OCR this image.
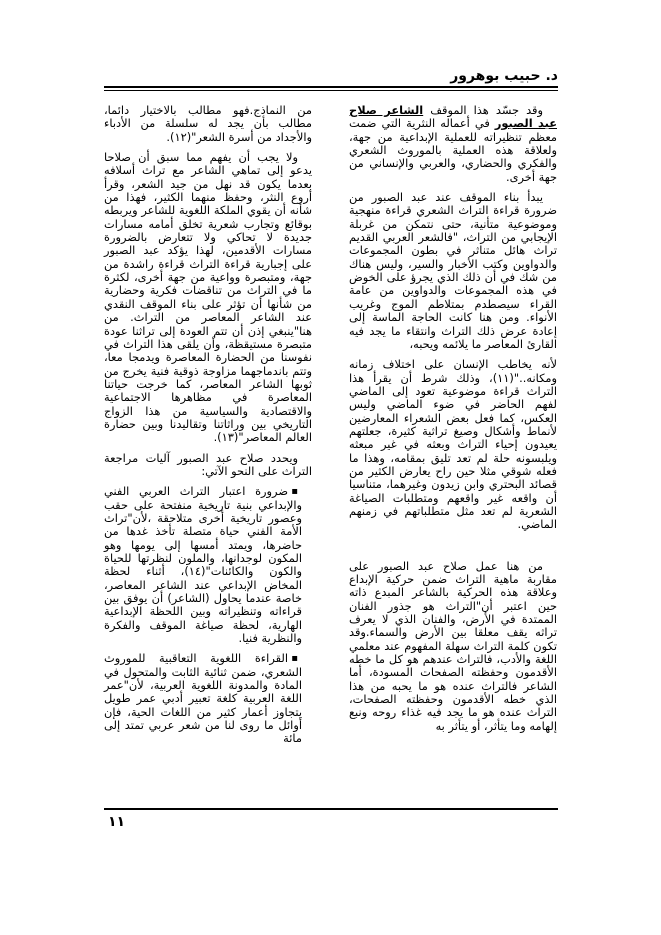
د. حبيب بوهرور

وقد جسّد هذا الموقف الشاعر صلاح عبد الصبور في أعماله النثرية التي ضمت معظم تنظيراته للعملية الإبداعية من جهة، ولعلاقة هذه العملية بالموروث الشعري والفكري والحضاري، والعربي والإنساني من جهة أخرى.

يبدأ بناء الموقف عند عبد الصبور من ضرورة قراءة التراث الشعري قراءة منهجية وموضوعية متأنية، حتى نتمكن من غربلة الإيجابي من التراث، "فالشعر العربي القديم تراث هائل متناثر في بطون المجموعات والدواوين وكتب الأخبار والسير، وليس هناك من شك في أن ذلك الذي يجرؤ على الخوض في هذه المجموعات والدواوين من عامة القراء سيصطدم بمتلاطم الموج وغريب الأنواء. ومن هنا كانت الحاجة الماسة إلى إعادة عرض ذلك التراث وانتقاء ما يجد فيه القارئ المعاصر ما يلائمه ويحبه،

لأنه يخاطب الإنسان على اختلاف زمانه ومكانه.."(١١)، وذلك شرط أن يقرأ هذا التراث قراءة موضوعية تعود إلى الماضي لفهم الحاضر في ضوء الماضي وليس العكس، كما فعل بعض الشعراء المعارضين لأنماط وأشكال وصيغ تراثية كثيرة، جعلتهم يعيدون إحياء التراث وبعثه في غير مبعثه ويلبسونه حلة لم تعد تليق بمقامه، وهذا ما فعله شوقي مثلا حين راح يعارض الكثير من قصائد البحتري وابن زيدون وغيرهما، متناسيا أن واقعه غير واقعهم ومتطلبات الصياغة الشعرية لم تعد مثل متطلباتهم في زمنهم الماضي.

من هنا عمل صلاح عبد الصبور على مقاربة ماهية التراث ضمن حركية الإبداع وعلاقة هذه الحركية بالشاعر المبدع ذاته حين اعتبر أن"التراث هو جذور الفنان الممتدة في الأرض، والفنان الذي لا يعرف تراثه يقف معلقا بين الأرض والسماء.وقد تكون كلمة التراث سهلة المفهوم عند معلمي اللغة والأدب، فالتراث عندهم هو كل ما خطه الأقدمون وحفظته الصفحات المسودة، أما الشاعر فالتراث عنده هو ما يحبه من هذا الذي خطه الأقدمون وحفظته الصفحات، التراث عنده هو ما يجد فيه غذاء روحه ونبع إلهامه وما يتأثر، أو يتأثر به

من النماذج.فهو مطالب بالاختيار دائما، مطالب بأن يجد له سلسلة من الأدباء والأجداد من أسرة الشعر"(١٢).

ولا يجب أن يفهم مما سبق أن صلاحا يدعو إلى تماهي الشاعر مع تراث أسلافه بعدما يكون قد نهل من جيد الشعر، وقرأ أروع النثر، وحفظ منهما الكثير، فهذا من شأنه أن يقوي الملكة اللغوية للشاعر ويربطه بوقائع وتجارب شعرية تخلق أمامه مسارات جديدة لا تحاكي ولا تتعارض بالضرورة مسارات الأقدمين، لهذا يؤكد عبد الصبور على إجبارية قراءة التراث قراءة راشدة من جهة، ومتبصرة وواعية من جهة أخرى، لكثرة ما في التراث من تناقضات فكرية وحضارية من شأنها أن تؤثر على بناء الموقف النقدي عند الشاعر المعاصر من التراث. من هنا"ينبغي إذن أن تتم العودة إلى تراثنا عودة متبصرة مستيقظة، وأن يلقى هذا التراث في نفوسنا من الحضارة المعاصرة ويدمجا معا، وتتم باندماجهما مزاوجة ذوقية فنية يخرج من ثوبها الشاعر المعاصر، كما خرجت حياتنا المعاصرة في مظاهرها الاجتماعية والاقتصادية والسياسية من هذا الزواج التاريخي بين وراثاتنا وتقاليدنا وبين حضارة العالم المعاصر"(١٣).

ويحدد صلاح عبد الصبور آليات مراجعة التراث على النحو الآتي:

▪ ضرورة اعتبار التراث العربي الفني والإبداعي بنية تاريخية منفتحة على حقب وعصور تاريخية أخرى متلاحقة ،لأن"تراث الأمة الفني حياة متصلة تأخذ غدها من حاضرها، ويمتد أمسها إلى يومها وهو المكون لوجدانها، والملون لنظرتها للحياة والكون والكائنات"(١٤)، أثناء لحظة المخاض الإبداعي عند الشاعر المعاصر، خاصة عندما يحاول (الشاعر) أن يوفق بين قراءاته وتنظيراته وبين اللحظة الإبداعية الهارية، لحظة صياغة الموقف والفكرة والنظرية فنيا.

▪ القراءة اللغوية التعاقبية للموروث الشعري، ضمن ثنائية الثابت والمتحول في المادة والمدونة اللغوية العربية، لأن"عمر اللغة العربية كلغة تعبير أدبي عمر طويل يتجاوز أعمار كثير من اللغات الحية، فإن أوائل ما روى لنا من شعر عربي تمتد إلى مائة

١١
